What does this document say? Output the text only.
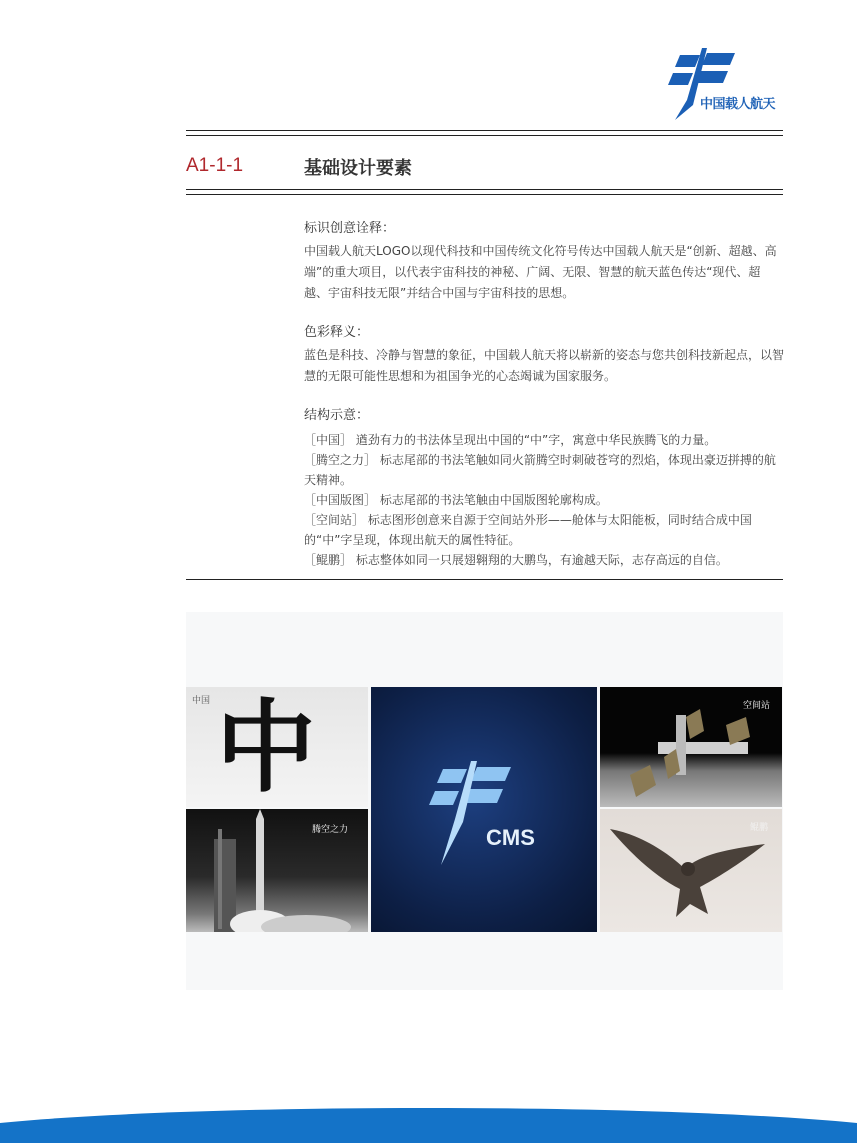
中国载人航天
A1-1-1	基础设计要素
标识创意诠释：

中国载人航天LOGO以现代科技和中国传统文化符号传达中国载人航天是“创新、超越、高端”的重大项目，以代表宇宙科技的神秘、广阔、无限、智慧的航天蓝色传达“现代、超越、宇宙科技无限”并结合中国与宇宙科技的思想。

色彩释义：

蓝色是科技、冷静与智慧的象征，中国载人航天将以崭新的姿态与您共创科技新起点，以智慧的无限可能性思想和为祖国争光的心态竭诚为国家服务。

结构示意：

［中国］ 遒劲有力的书法体呈现出中国的“中”字，寓意中华民族腾飞的力量。

［腾空之力］ 标志尾部的书法笔触如同火箭腾空时刺破苍穹的烈焰，体现出豪迈拼搏的航天精神。

［中国版图］ 标志尾部的书法笔触由中国版图轮廓构成。

［空间站］ 标志图形创意来自源于空间站外形——舱体与太阳能板，同时结合成中国的“中”字呈现，体现出航天的属性特征。

［鲲鹏］ 标志整体如同一只展翅翱翔的大鹏鸟，有逾越天际，志存高远的自信。

中国 中
腾空之力	CMS
空间站
鲲鹏
